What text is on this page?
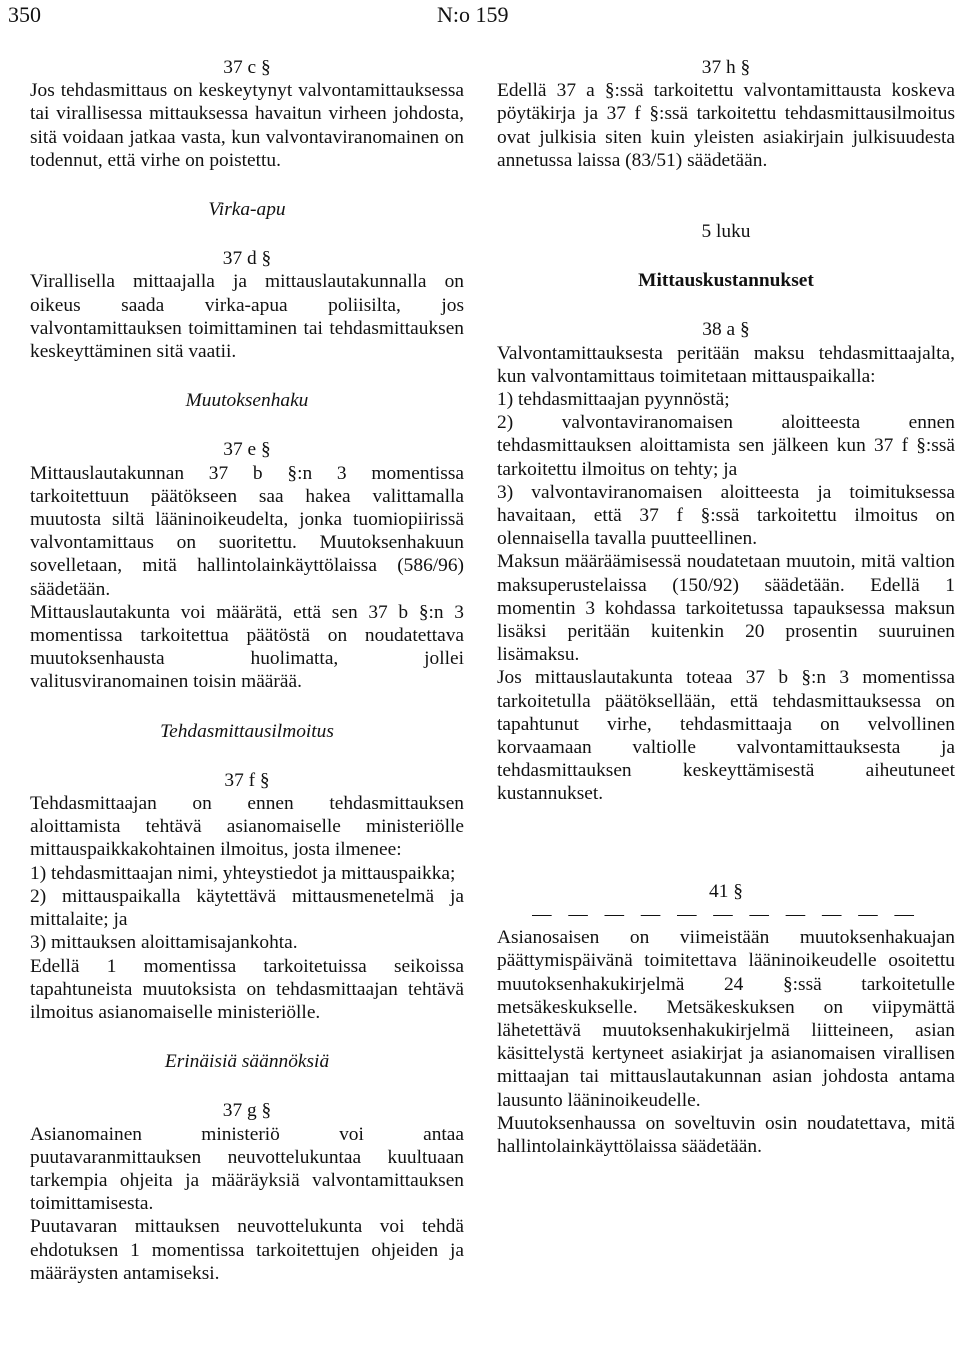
350	N:o 159

37 c §

Jos tehdasmittaus on keskeytynyt valvontamittauksessa tai virallisessa mittauksessa havaitun virheen johdosta, sitä voidaan jatkaa vasta, kun valvontaviranomainen on todennut, että virhe on poistettu.

Virka-apu

37 d §

Virallisella mittaajalla ja mittauslautakunnalla on oikeus saada virka-apua poliisilta, jos valvontamittauksen toimittaminen tai tehdasmittauksen keskeyttäminen sitä vaatii.

Muutoksenhaku

37 e §

Mittauslautakunnan 37 b §:n 3 momentissa tarkoitettuun päätökseen saa hakea valittamalla muutosta siltä lääninoikeudelta, jonka tuomiopiirissä valvontamittaus on suoritettu. Muutoksenhakuun sovelletaan, mitä hallintolainkäyttölaissa (586/96) säädetään.

Mittauslautakunta voi määrätä, että sen 37 b §:n 3 momentissa tarkoitettua päätöstä on noudatettava muutoksenhausta huolimatta, jollei valitusviranomainen toisin määrää.

Tehdasmittausilmoitus

37 f §

Tehdasmittaajan on ennen tehdasmittauksen aloittamista tehtävä asianomaiselle ministeriölle mittauspaikkakohtainen ilmoitus, josta ilmenee:

1) tehdasmittaajan nimi, yhteystiedot ja mittauspaikka;

2) mittauspaikalla käytettävä mittausmenetelmä ja mittalaite; ja

3) mittauksen aloittamisajankohta.

Edellä 1 momentissa tarkoitetuissa seikoissa tapahtuneista muutoksista on tehdasmittaajan tehtävä ilmoitus asianomaiselle ministeriölle.

Erinäisiä säännöksiä

37 g §

Asianomainen ministeriö voi antaa puutavaranmittauksen neuvottelukuntaa kuultuaan tarkempia ohjeita ja määräyksiä valvontamittauksen toimittamisesta.

Puutavaran mittauksen neuvottelukunta voi tehdä ehdotuksen 1 momentissa tarkoitettujen ohjeiden ja määräysten antamiseksi.

37 h §

Edellä 37 a §:ssä tarkoitettu valvontamittausta koskeva pöytäkirja ja 37 f §:ssä tarkoitettu tehdasmittausilmoitus ovat julkisia siten kuin yleisten asiakirjain julkisuudesta annetussa laissa (83/51) säädetään.

5 luku

Mittauskustannukset

38 a §

Valvontamittauksesta peritään maksu tehdasmittaajalta, kun valvontamittaus toimitetaan mittauspaikalla:

1) tehdasmittaajan pyynnöstä;

2) valvontaviranomaisen aloitteesta ennen tehdasmittauksen aloittamista sen jälkeen kun 37 f §:ssä tarkoitettu ilmoitus on tehty; ja

3) valvontaviranomaisen aloitteesta ja toimituksessa havaitaan, että 37 f §:ssä tarkoitettu ilmoitus on olennaisella tavalla puutteellinen.

Maksun määräämisessä noudatetaan muutoin, mitä valtion maksuperustelaissa (150/92) säädetään. Edellä 1 momentin 3 kohdassa tarkoitetussa tapauksessa maksun lisäksi peritään kuitenkin 20 prosentin suuruinen lisämaksu.

Jos mittauslautakunta toteaa 37 b §:n 3 momentissa tarkoitetulla päätöksellään, että tehdasmittauksessa on tapahtunut virhe, tehdasmittaaja on velvollinen korvaamaan valtiolle valvontamittauksesta ja tehdasmittauksen keskeyttämisestä aiheutuneet kustannukset.

41 §

— — — — — — — — — — —

Asianosaisen on viimeistään muutoksenhakuajan päättymispäivänä toimitettava lääninoikeudelle osoitettu muutoksenhakukirjelmä 24 §:ssä tarkoitetulle metsäkeskukselle. Metsäkeskuksen on viipymättä lähetettävä muutoksenhakukirjelmä liitteineen, asian käsittelystä kertyneet asiakirjat ja asianomaisen virallisen mittaajan tai mittauslautakunnan asian johdosta antama lausunto lääninoikeudelle.

Muutoksenhaussa on soveltuvin osin noudatettava, mitä hallintolainkäyttölaissa säädetään.
